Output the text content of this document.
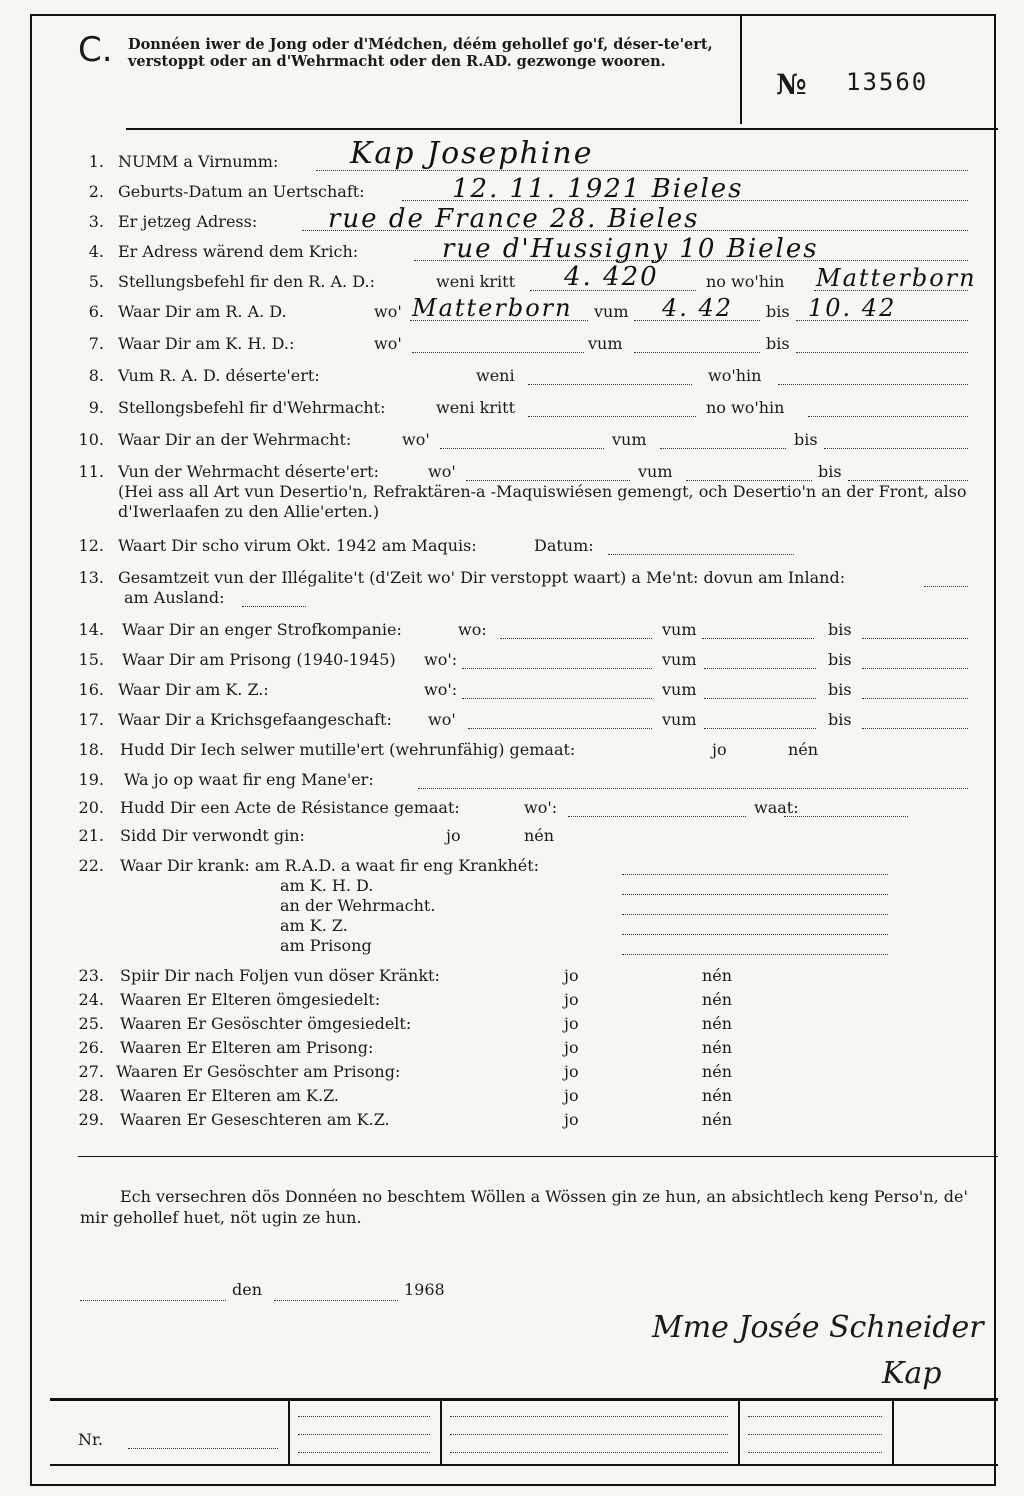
C. Donnéen iwer de Jong oder d'Médchen, déém gehollef go'f, déser-te'ert, verstoppt oder an d'Wehrmacht oder den R.AD. gezwonge wooren.
№ 13560
1. NUMM a Virnumm: Kap Josephine
2. Geburts-Datum an Uertschaft:	12. 11. 1921 Bieles
3. Er jetzeg Adress:	rue de France 28. Bieles
4. Er Adress wärend dem Krich:	rue d'Hussigny 10 Bieles
5. Stellungsbefehl fir den R. A. D.:	weni kritt 4. 420	no wo'hin Matterborn
6. Waar Dir am R. A. D.	wo' Matterborn vum 4. 42 bis 10. 42
7. Waar Dir am K. H. D.:	wo'	vum	bis
8. Vum R. A. D. déserte'ert:	weni	wo'hin
9. Stellongsbefehl fir d'Wehrmacht:	weni kritt	no wo'hin
10. Waar Dir an der Wehrmacht:	wo'	vum	bis
11. Vun der Wehrmacht déserte'ert:	wo'	vum	bis
(Hei ass all Art vun Desertio'n, Refraktären-a -Maquiswiésen gemengt, och Desertio'n an der Front, also d'Iwerlaafen zu den Allie'erten.)
12. Waart Dir scho virum Okt. 1942 am Maquis:	Datum:
13. Gesamtzeit vun der Illégalite't (d'Zeit wo' Dir verstoppt waart) a Me'nt: dovun am Inland:
am Ausland:
14. Waar Dir an enger Strofkompanie:	wo:	vum	bis
15. Waar Dir am Prisong (1940-1945) wo':	vum	bis
16. Waar Dir am K. Z.:	wo':	vum	bis
17. Waar Dir a Krichsgefaangeschaft: wo'	vum	bis
18. Hudd Dir Iech selwer mutille'ert (wehrunfähig) gemaat:	jo	nén
19. Wa jo op waat fir eng Mane'er:
20. Hudd Dir een Acte de Résistance gemaat:	wo':	waat:
21. Sidd Dir verwondt gin:	jo	nén
22. Waar Dir krank: am R.A.D. a waat fir eng Krankhét:
am K. H. D.
an der Wehrmacht.
am K. Z.
am Prisong
23. Spiir Dir nach Foljen vun döser Kränkt:	jo	nén
24. Waaren Er Elteren ömgesiedelt:	jo	nén
25. Waaren Er Gesöschter ömgesiedelt:	jo	nén
26. Waaren Er Elteren am Prisong:	jo	nén
27. Waaren Er Gesöschter am Prisong:	jo	nén
28. Waaren Er Elteren am K.Z.	jo	nén
29. Waaren Er Geseschteren am K.Z.	jo	nén
Ech versechren dös Donnéen no beschtem Wöllen a Wössen gin ze hun, an absichtlech keng Perso'n, de' mir gehollef huet, nöt ugin ze hun.
den	1968
Mme Josée Schneider
Kap
Nr.
